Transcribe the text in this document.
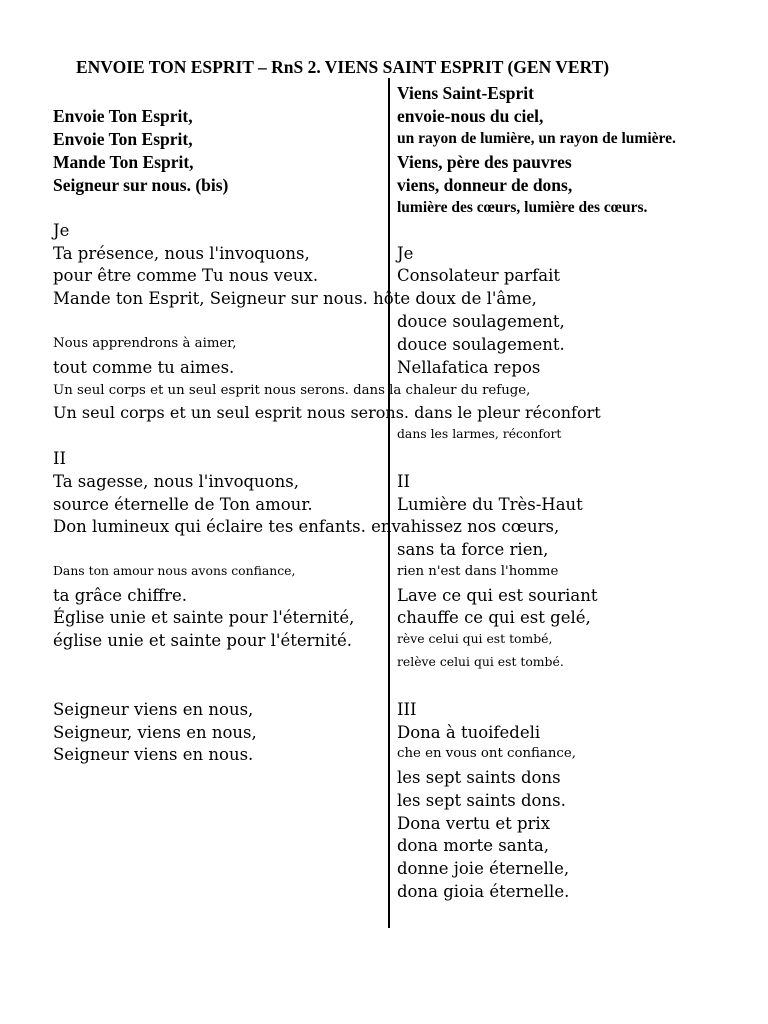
ENVOIE TON ESPRIT – RnS 2. VIENS SAINT ESPRIT (GEN VERT)
Envoie Ton Esprit,
Envoie Ton Esprit,
Mande Ton Esprit,
Seigneur sur nous. (bis)
Je
Ta présence, nous l'invoquons,
pour être comme Tu nous veux.
Mande ton Esprit, Seigneur sur nous. hôte doux de l'âme,
Nous apprendrons à aimer,
tout comme tu aimes.
Un seul corps et un seul esprit nous serons. dans la chaleur du refuge,
Un seul corps et un seul esprit nous serons. dans le pleur réconfort
II
Ta sagesse, nous l'invoquons,
source éternelle de Ton amour.
Don lumineux qui éclaire tes enfants. envahissez nos cœurs,
Dans ton amour nous avons confiance,
ta grâce chiffre.
Église unie et sainte pour l'éternité,
église unie et sainte pour l'éternité.
Seigneur viens en nous,
Seigneur, viens en nous,
Seigneur viens en nous.
Viens Saint-Esprit
envoie-nous du ciel,
un rayon de lumière, un rayon de lumière.
Viens, père des pauvres
viens, donneur de dons,
lumière des cœurs, lumière des cœurs.
Je
Consolateur parfait
douce soulagement,
douce soulagement.
Nellafatica repos
dans les larmes, réconfort
II
Lumière du Très-Haut
sans ta force rien,
rien n'est dans l'homme
Lave ce qui est souriant
chauffe ce qui est gelé,
rève celui qui est tombé,
relève celui qui est tombé.
III
Dona à tuoifedeli
che en vous ont confiance,
les sept saints dons
les sept saints dons.
Dona vertu et prix
dona morte santa,
donne joie éternelle,
dona gioia éternelle.
